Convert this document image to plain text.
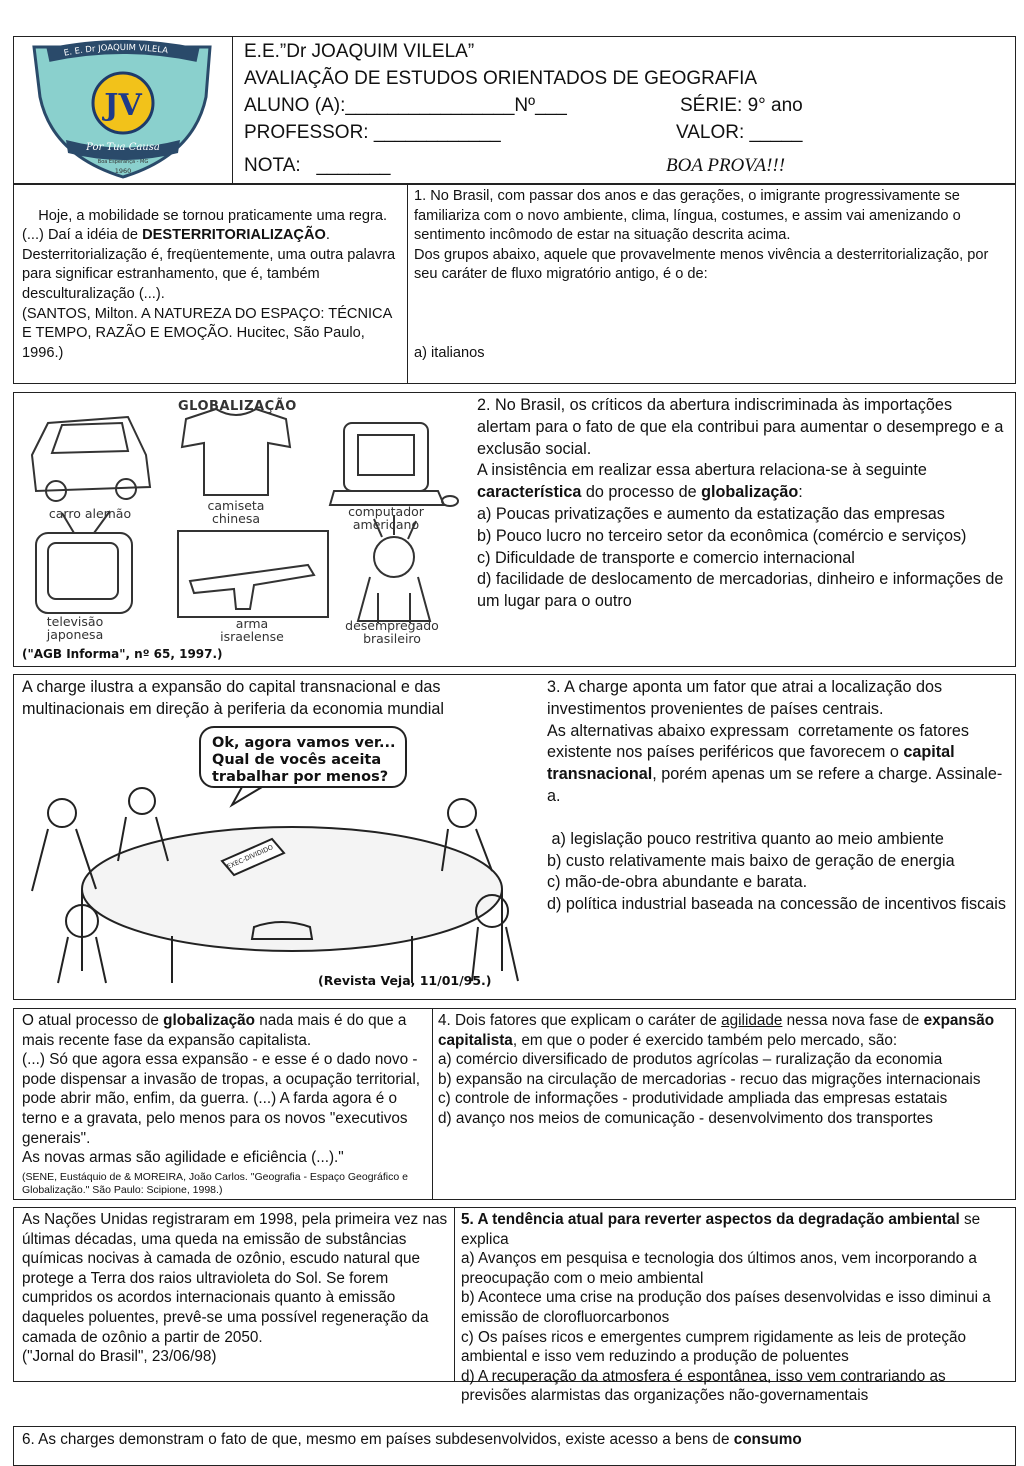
E. E. Dr JOAQUIM VILELA
JV
Por Tua Causa
Boa Esperança - MG
1960
E.E.”Dr JOAQUIM VILELA”
AVALIAÇÃO DE ESTUDOS ORIENTADOS DE GEOGRAFIA
ALUNO (A):________________Nº___	SÉRIE: 9° ano
PROFESSOR: ____________	VALOR: _____
NOTA:   _______	BOA PROVA!!!

Hoje, a mobilidade se tornou praticamente uma regra. (...) Daí a idéia de DESTERRITORIALIZAÇÃO.
Desterritorialização é, freqüentemente, uma outra palavra para significar estranhamento, que é, também desculturalização (...).
(SANTOS, Milton. A NATUREZA DO ESPAÇO: TÉCNICA E TEMPO, RAZÃO E EMOÇÃO. Hucitec, São Paulo, 1996.)

1. No Brasil, com passar dos anos e das gerações, o imigrante progressivamente se familiariza com o novo ambiente, clima, língua, costumes, e assim vai amenizando o sentimento incômodo de estar na situação descrita acima.
Dos grupos abaixo, aquele que provavelmente menos vivência a desterritorialização, por seu caráter de fluxo migratório antigo, é o de:

a) italianos

GLOBALIZAÇÃO
carro alemão
camiseta chinesa	computador americano
televisão japonesa
arma israelense
desempregado brasileiro
("AGB Informa", nº 65, 1997.)
2. No Brasil, os críticos da abertura indiscriminada às importações alertam para o fato de que ela contribui para aumentar o desemprego e a exclusão social.
A insistência em realizar essa abertura relaciona-se à seguinte característica do processo de globalização:
a) Poucas privatizações e aumento da estatização das empresas
b) Pouco lucro no terceiro setor da econômica (comércio e serviços)
c) Dificuldade de transporte e comercio internacional
d) facilidade de deslocamento de mercadorias, dinheiro e informações de um lugar para o outro
A charge ilustra a expansão do capital transnacional e das multinacionais em direção à periferia da economia mundial
Ok, agora vamos ver... Qual de vocês aceita trabalhar por menos?
EXEC-DIVIDIDO
(Revista Veja, 11/01/95.)
3. A charge aponta um fator que atrai a localização dos investimentos provenientes de países centrais.
As alternativas abaixo expressam  corretamente os fatores  existente nos países periféricos que favorecem o capital transnacional, porém apenas um se refere a charge. Assinale-a.
a) legislação pouco restritiva quanto ao meio ambiente
b) custo relativamente mais baixo de geração de energia
c) mão-de-obra abundante e barata.
d) política industrial baseada na concessão de incentivos fiscais
O atual processo de globalização nada mais é do que a mais recente fase da expansão capitalista.
(...) Só que agora essa expansão - e esse é o dado novo - pode dispensar a invasão de tropas, a ocupação territorial, pode abrir mão, enfim, da guerra. (...) A farda agora é o terno e a gravata, pelo menos para os novos "executivos generais".
As novas armas são agilidade e eficiência (...)."
(SENE, Eustáquio de & MOREIRA, João Carlos. "Geografia - Espaço Geográfico e Globalização." São Paulo: Scipione, 1998.)
4. Dois fatores que explicam o caráter de agilidade nessa nova fase de expansão capitalista, em que o poder é exercido também pelo mercado, são:
a) comércio diversificado de produtos agrícolas – ruralização da economia
b) expansão na circulação de mercadorias - recuo das migrações internacionais
c) controle de informações - produtividade ampliada das empresas estatais
d) avanço nos meios de comunicação - desenvolvimento dos transportes
As Nações Unidas registraram em 1998, pela primeira vez nas últimas décadas, uma queda na emissão de substâncias químicas nocivas à camada de ozônio, escudo natural que protege a Terra dos raios ultravioleta do Sol. Se forem cumpridos os acordos internacionais quanto à emissão daqueles poluentes, prevê-se uma possível regeneração da camada de ozônio a partir de 2050.
("Jornal do Brasil", 23/06/98)
5. A tendência atual para reverter aspectos da degradação ambiental se explica
a) Avanços em pesquisa e tecnologia dos últimos anos, vem incorporando a preocupação com o meio ambiental
b) Acontece uma crise na produção dos países desenvolvidas e isso diminui a emissão de clorofluorcarbonos
c) Os países ricos e emergentes cumprem rigidamente as leis de proteção ambiental e isso vem reduzindo a produção de poluentes
d) A recuperação da atmosfera é espontânea, isso vem contrariando as previsões alarmistas das organizações não-governamentais
6. As charges demonstram o fato de que, mesmo em países subdesenvolvidos, existe acesso a bens de consumo
